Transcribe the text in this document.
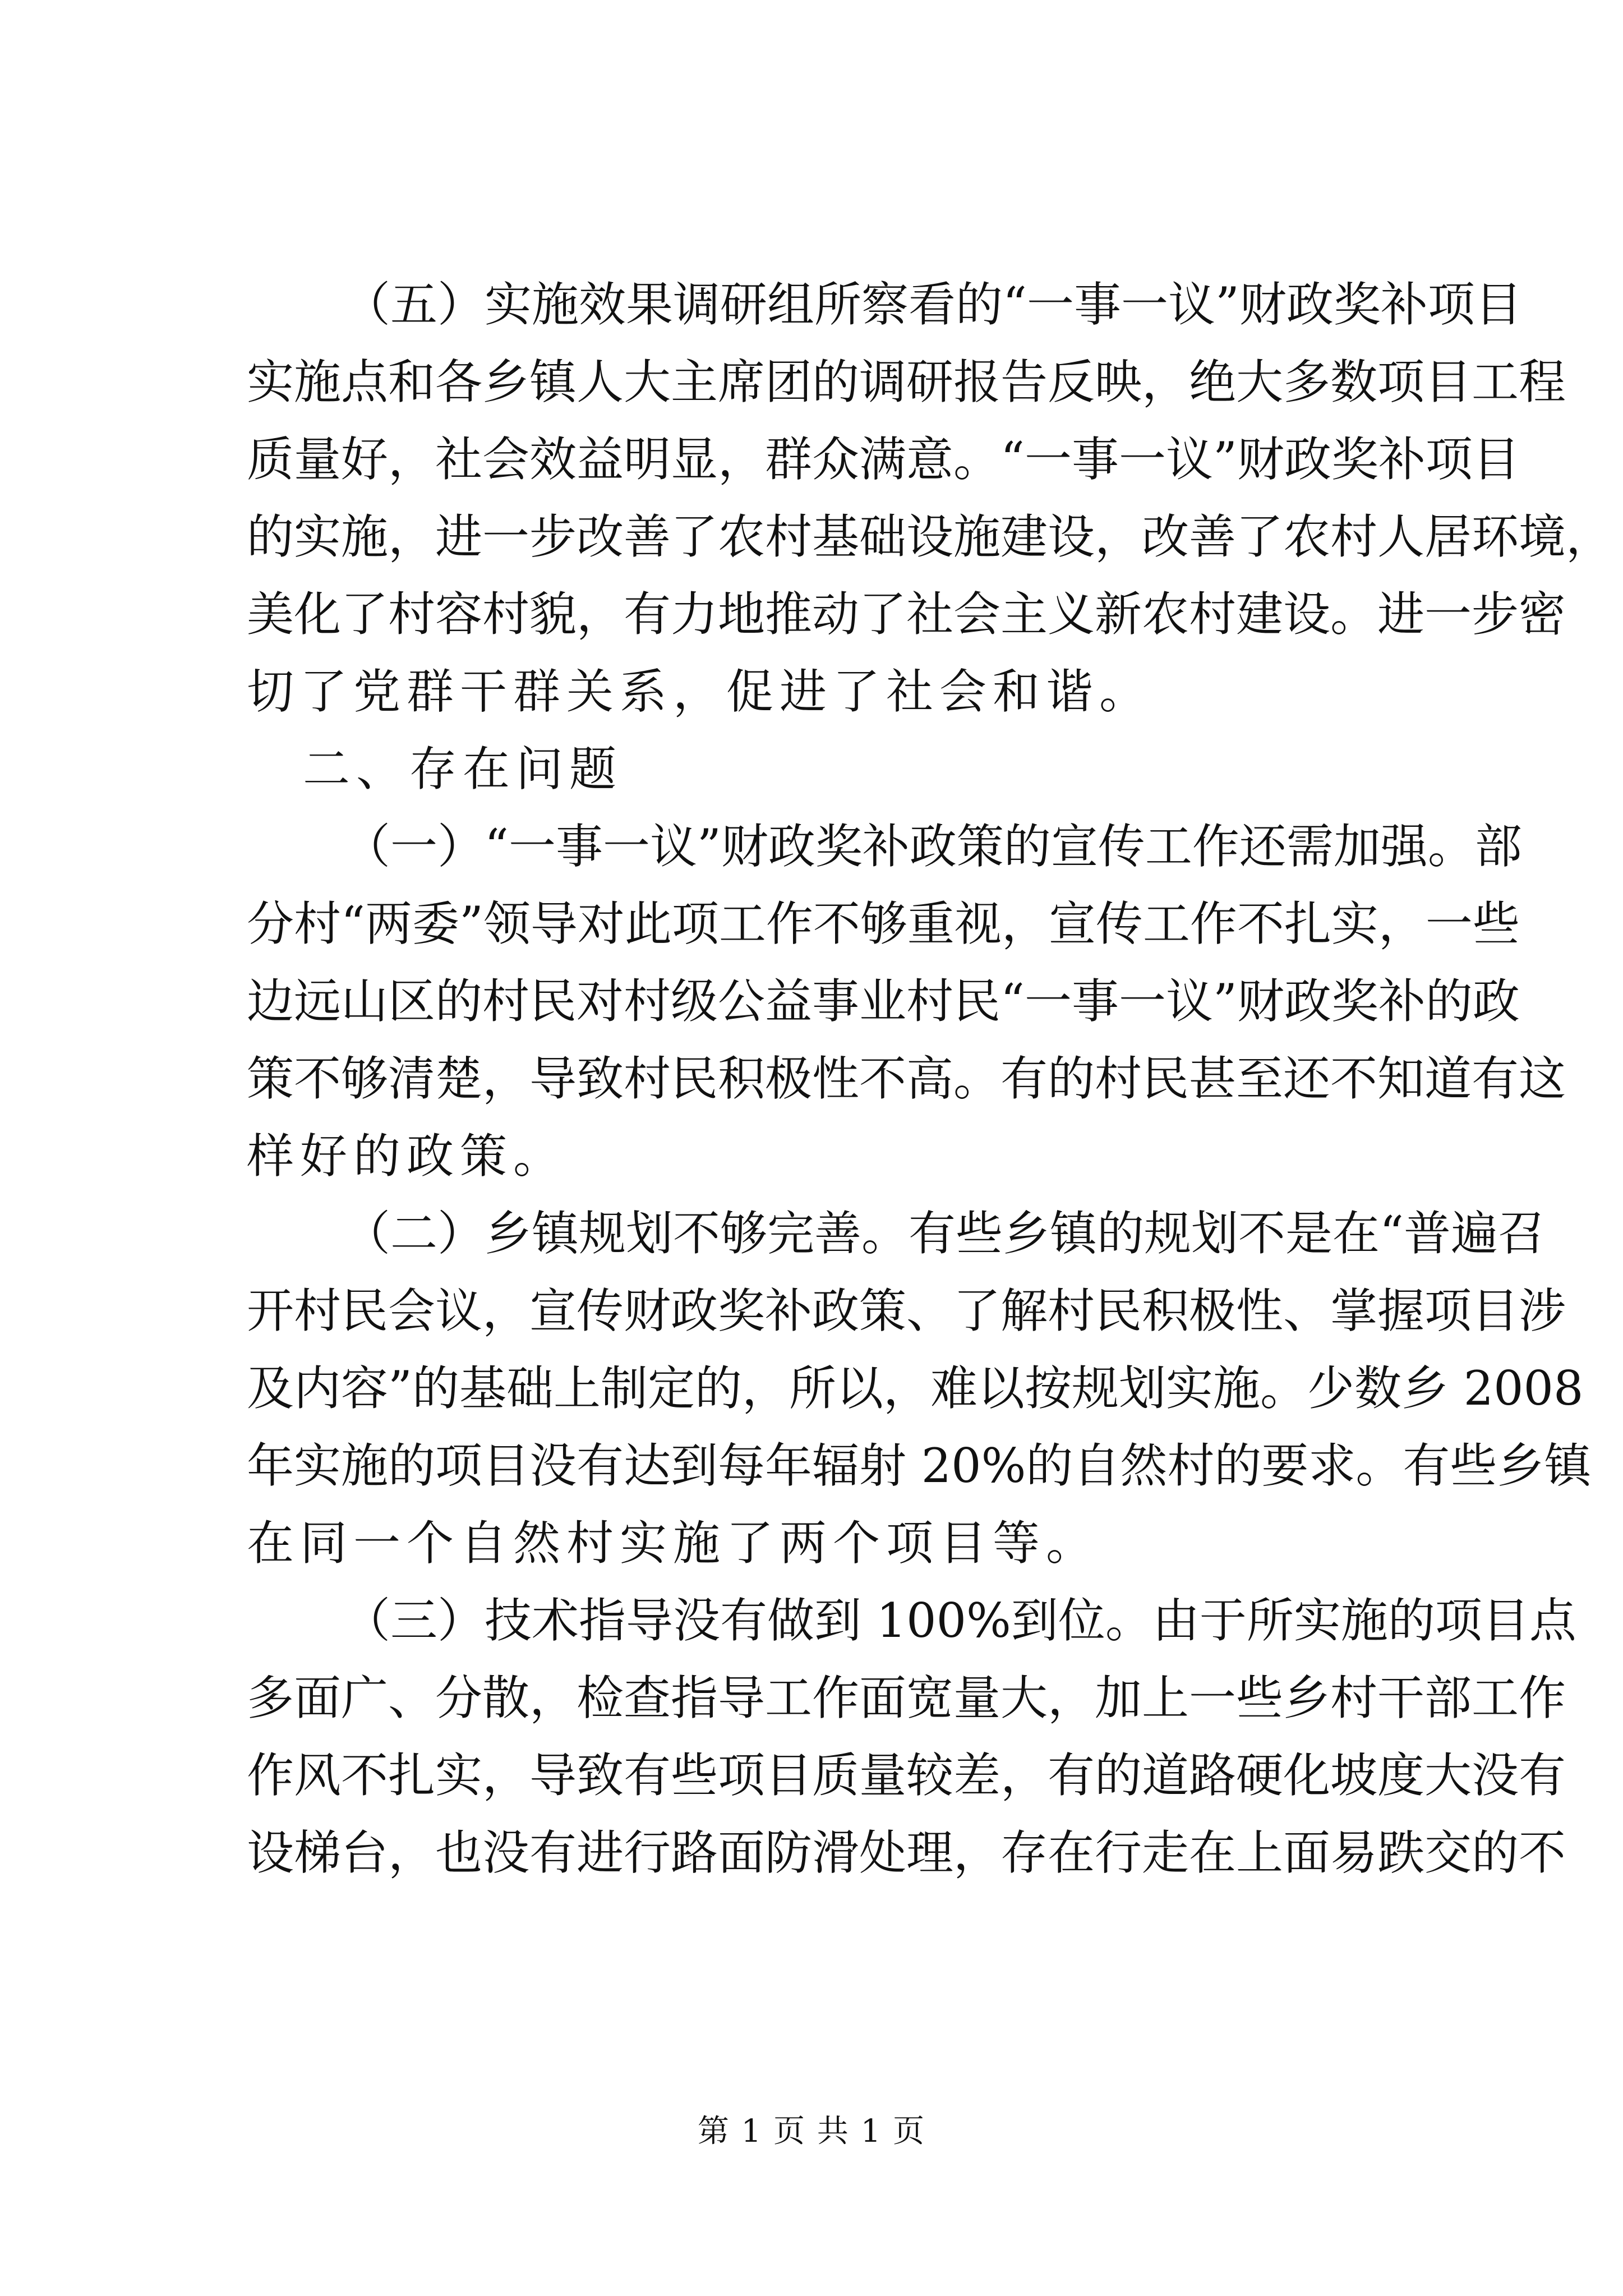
（五）实施效果调研组所察看的“一事一议”财政奖补项目
实施点和各乡镇人大主席团的调研报告反映，绝大多数项目工程
质量好，社会效益明显，群众满意。“一事一议”财政奖补项目
的实施，进一步改善了农村基础设施建设，改善了农村人居环境，
美化了村容村貌，有力地推动了社会主义新农村建设。进一步密
切了党群干群关系，促进了社会和谐。
二、存在问题
（一）“一事一议”财政奖补政策的宣传工作还需加强。部
分村“两委”领导对此项工作不够重视，宣传工作不扎实，一些
边远山区的村民对村级公益事业村民“一事一议”财政奖补的政
策不够清楚，导致村民积极性不高。有的村民甚至还不知道有这
样好的政策。
（二）乡镇规划不够完善。有些乡镇的规划不是在“普遍召
开村民会议，宣传财政奖补政策、了解村民积极性、掌握项目涉
及内容”的基础上制定的，所以，难以按规划实施。少数乡 2008
年实施的项目没有达到每年辐射 20%的自然村的要求。有些乡镇
在同一个自然村实施了两个项目等。
（三）技术指导没有做到 100%到位。由于所实施的项目点
多面广、分散，检查指导工作面宽量大，加上一些乡村干部工作
作风不扎实，导致有些项目质量较差，有的道路硬化坡度大没有
设梯台，也没有进行路面防滑处理，存在行走在上面易跌交的不
第 1 页 共 1 页
